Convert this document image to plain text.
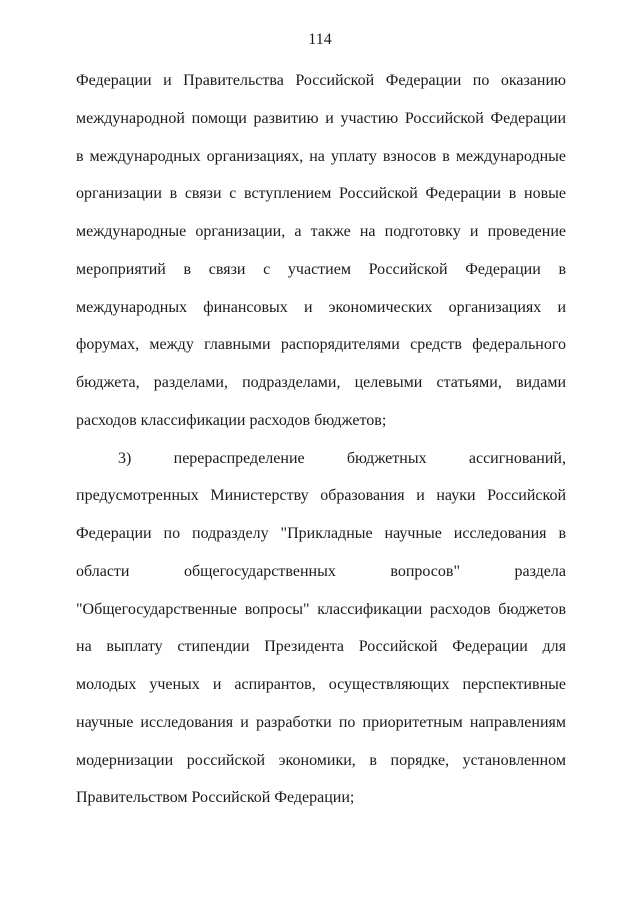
114
Федерации и Правительства Российской Федерации по оказанию
международной помощи развитию и участию Российской Федерации
в международных организациях, на уплату взносов в международные
организации в связи с вступлением Российской Федерации в новые
международные организации, а также на подготовку и проведение
мероприятий в связи с участием Российской Федерации в
международных финансовых и экономических организациях и
форумах, между главными распорядителями средств федерального
бюджета, разделами, подразделами, целевыми статьями, видами
расходов классификации расходов бюджетов;
3) перераспределение бюджетных ассигнований,
предусмотренных Министерству образования и науки Российской
Федерации по подразделу "Прикладные научные исследования в
области общегосударственных вопросов" раздела
"Общегосударственные вопросы" классификации расходов бюджетов
на выплату стипендии Президента Российской Федерации для
молодых ученых и аспирантов, осуществляющих перспективные
научные исследования и разработки по приоритетным направлениям
модернизации российской экономики, в порядке, установленном
Правительством Российской Федерации;
